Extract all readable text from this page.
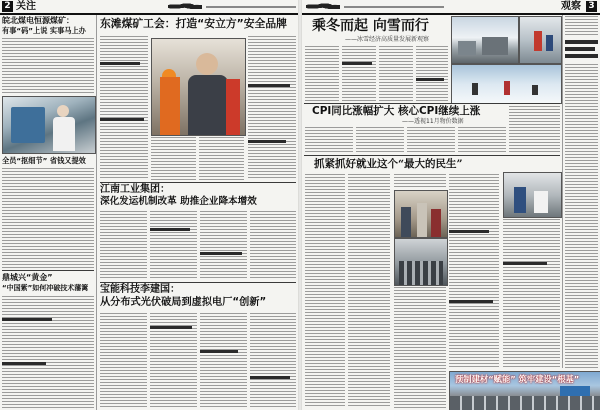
2 关注
皖北煤电恒源煤矿：
有事“码”上说 实事马上办
全员“抠细节” 省钱又提效
鼎城兴“黄金”
“中国紫”如何冲破技术藩篱
东滩煤矿工会：打造“安立方”安全品牌
江南工业集团：
深化发运机制改革 助推企业降本增效
宝能科技李建国：
从分布式光伏破局到虚拟电厂“创新”
观察 3
乘冬而起 向雪而行
——冰雪经济高质量发展新观察
CPI同比涨幅扩大 核心CPI继续上涨
——透视11月物价数据
抓紧抓好就业这个“最大的民生”
预制建材“赋能” 筑牢建设“根基”
